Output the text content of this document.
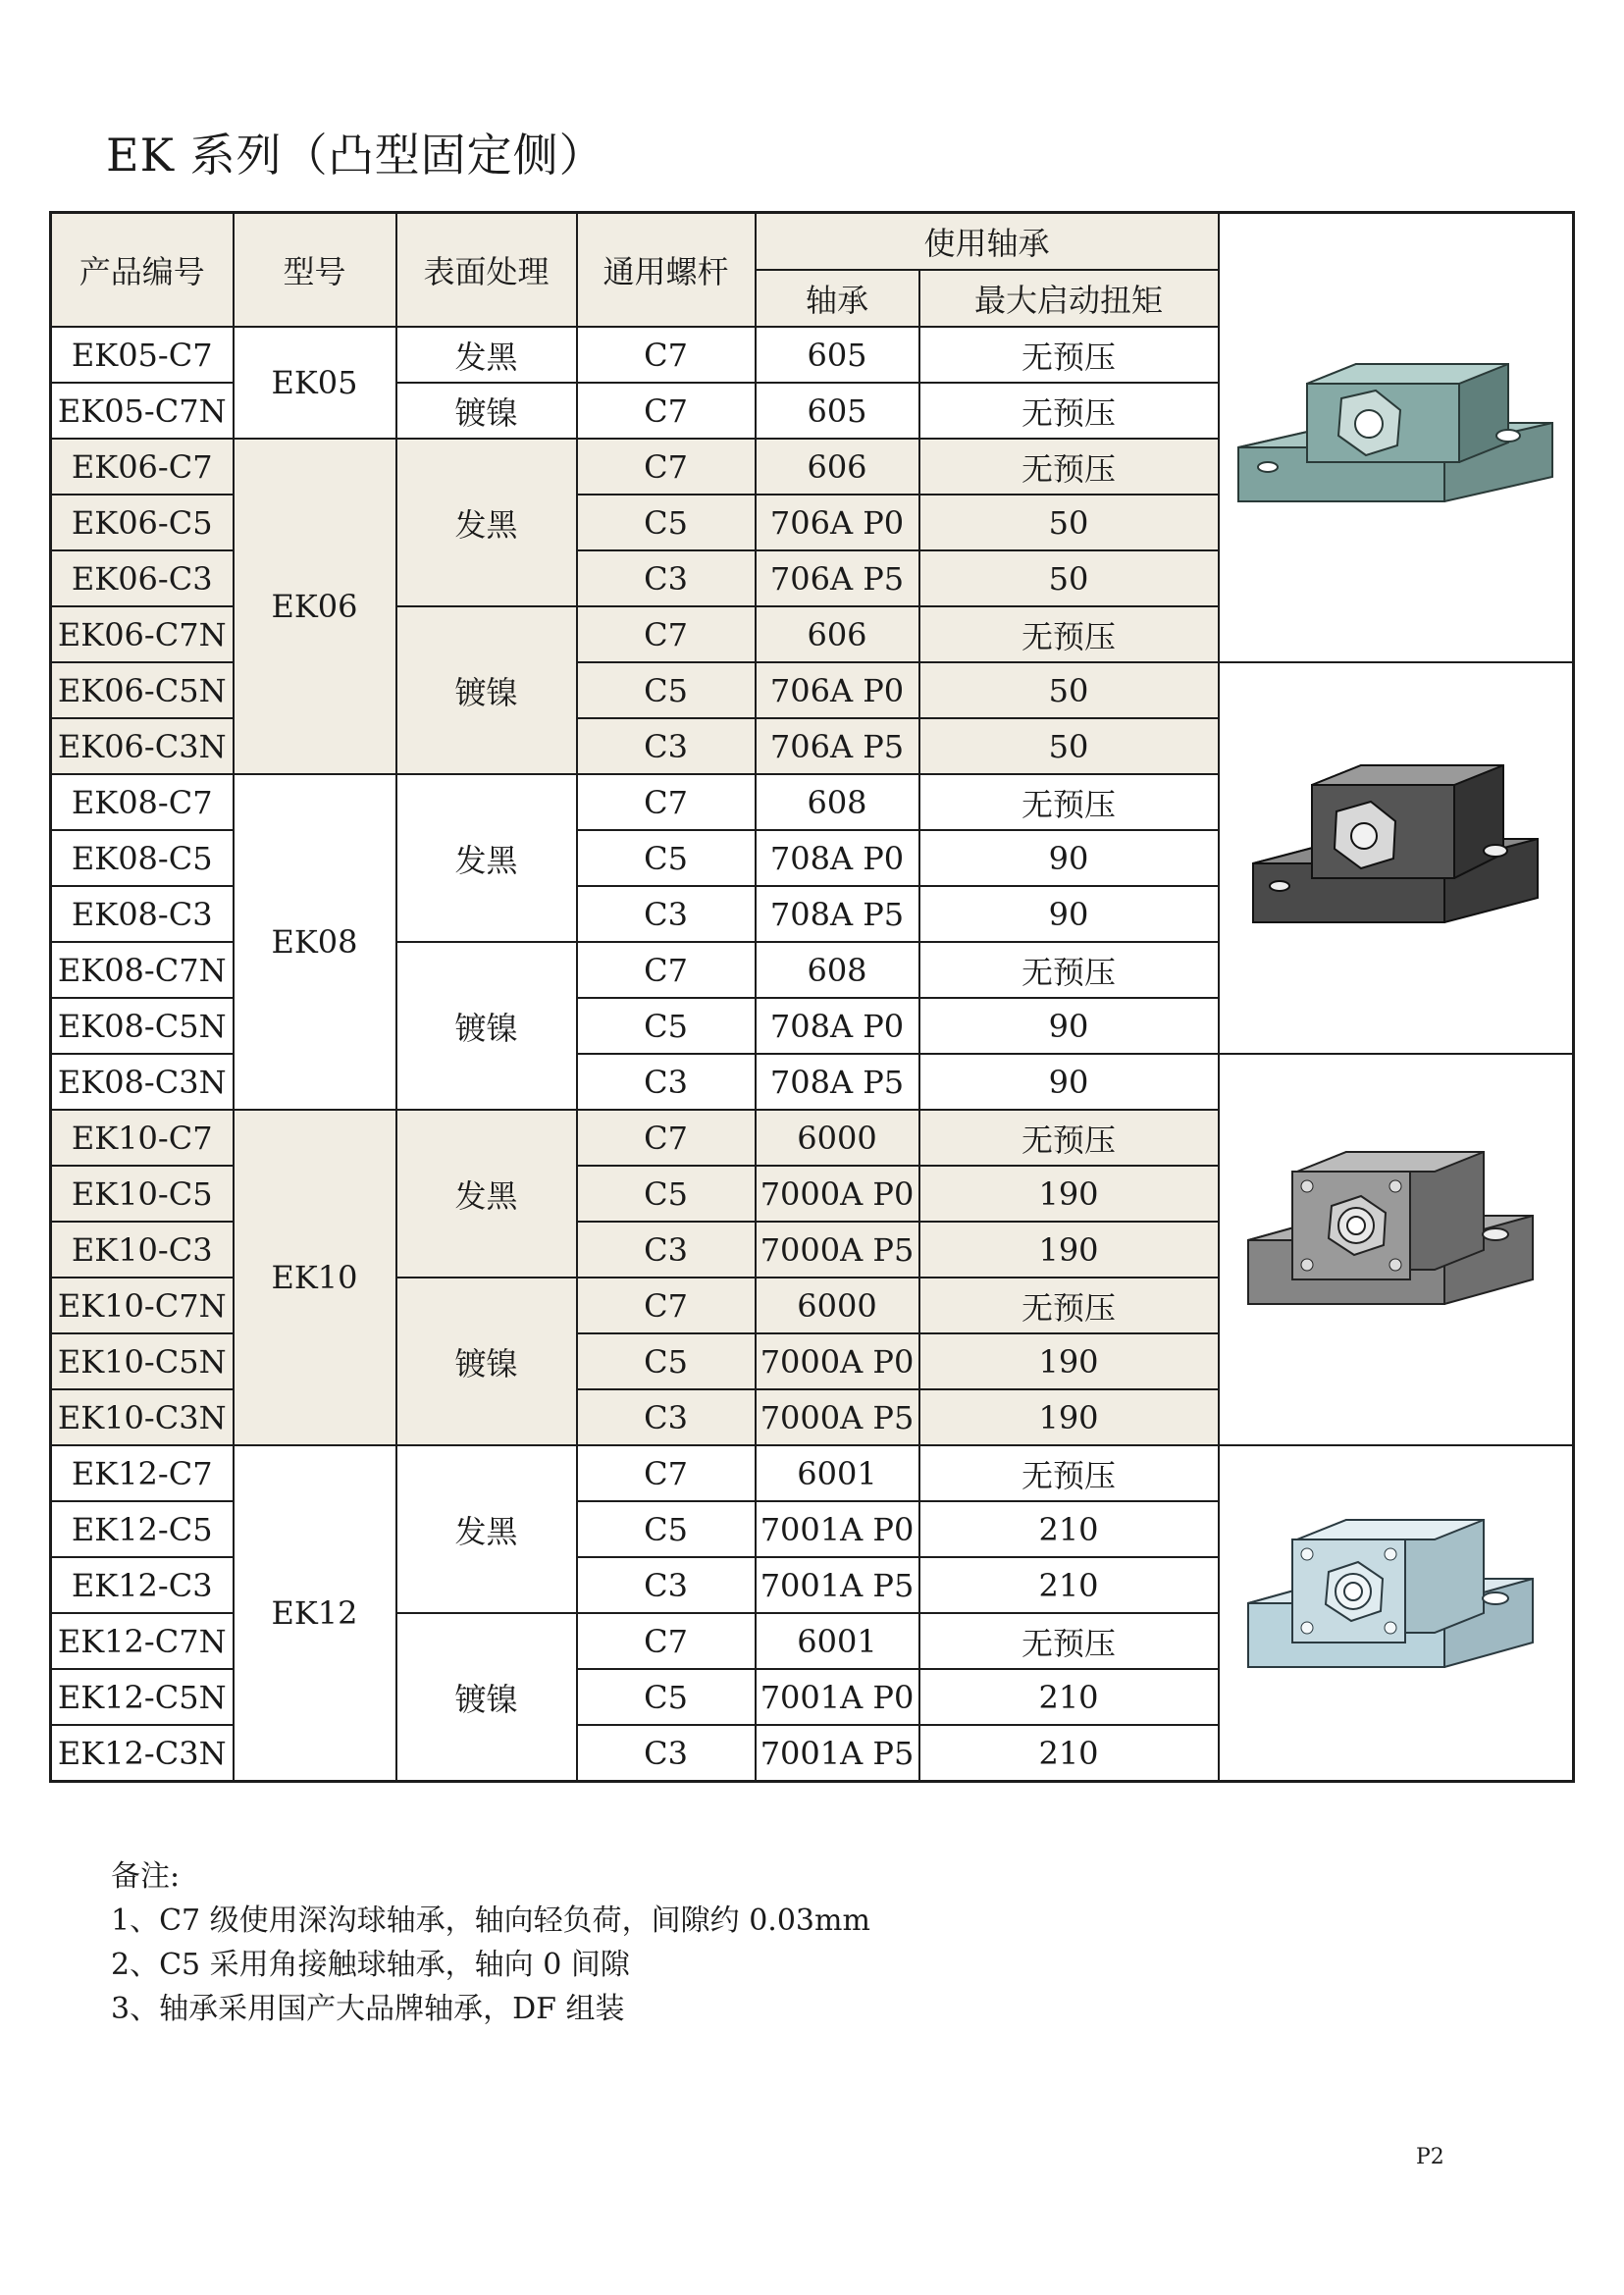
EK 系列（凸型固定侧）
产品编号	型号	表面处理	通用螺杆	使用轴承	

				轴承	最大启动扭矩	
EK05-C7	EK05	发黑	C7	605	无预压	
EK05-C7N		镀镍	C7	605	无预压	
EK06-C7	EK06	发黑	C7	606	无预压	
EK06-C5			C5	706A P0	50	
EK06-C3			C3	706A P5	50	
EK06-C7N		镀镍	C7	606	无预压	
EK06-C5N			C5	706A P0	50	

EK06-C3N			C3	706A P5	50	
EK08-C7	EK08	发黑	C7	608	无预压	
EK08-C5			C5	708A P0	90	
EK08-C3			C3	708A P5	90	
EK08-C7N		镀镍	C7	608	无预压	
EK08-C5N			C5	708A P0	90	
EK08-C3N			C3	708A P5	90	

EK10-C7	EK10	发黑	C7	6000	无预压	
EK10-C5			C5	7000A P0	190	
EK10-C3			C3	7000A P5	190	
EK10-C7N		镀镍	C7	6000	无预压	
EK10-C5N			C5	7000A P0	190	
EK10-C3N			C3	7000A P5	190	
EK12-C7	EK12	发黑	C7	6001	无预压	

EK12-C5			C5	7001A P0	210	
EK12-C3			C3	7001A P5	210	
EK12-C7N		镀镍	C7	6001	无预压	
EK12-C5N			C5	7001A P0	210	
EK12-C3N			C3	7001A P5	210	
备注:
1、C7 级使用深沟球轴承，轴向轻负荷，间隙约 0.03mm
2、C5 采用角接触球轴承，轴向 0 间隙
3、轴承采用国产大品牌轴承，DF 组装
P2
